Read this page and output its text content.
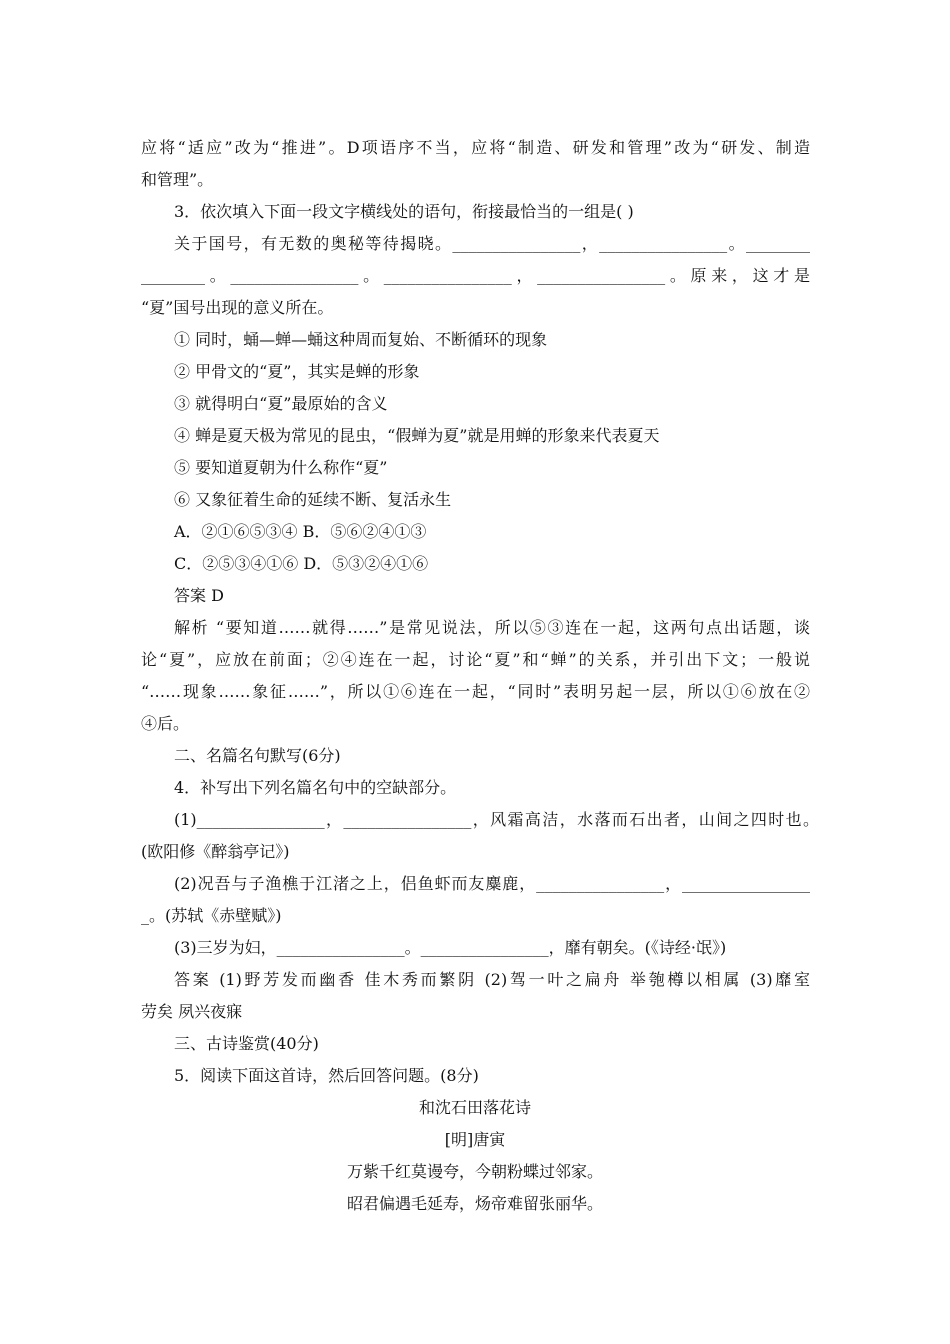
应将“适应”改为“推进”。D项语序不当，应将“制造、研发和管理”改为“研发、制造
和管理”。
3．依次填入下面一段文字横线处的语句，衔接最恰当的一组是( )
关于国号，有无数的奥秘等待揭晓。________________，________________。________
________。________________。________________，________________。原来，这才是
“夏”国号出现的意义所在。
① 同时，蛹—蝉—蛹这种周而复始、不断循环的现象
② 甲骨文的“夏”，其实是蝉的形象
③ 就得明白“夏”最原始的含义
④ 蝉是夏天极为常见的昆虫，“假蝉为夏”就是用蝉的形象来代表夏天
⑤ 要知道夏朝为什么称作“夏”
⑥ 又象征着生命的延续不断、复活永生
A．②①⑥⑤③④ B．⑤⑥②④①③
C．②⑤③④①⑥ D．⑤③②④①⑥
答案 D
解析 “要知道……就得……”是常见说法，所以⑤③连在一起，这两句点出话题，谈
论“夏”，应放在前面；②④连在一起，讨论“夏”和“蝉”的关系，并引出下文；一般说
“……现象……象征……”，所以①⑥连在一起，“同时”表明另起一层，所以①⑥放在②
④后。
二、名篇名句默写(6分)
4．补写出下列名篇名句中的空缺部分。
(1)________________，________________，风霜高洁，水落而石出者，山间之四时也。
(欧阳修《醉翁亭记》)
(2)况吾与子渔樵于江渚之上，侣鱼虾而友麋鹿，________________，________________
_。(苏轼《赤壁赋》)
(3)三岁为妇，________________。________________，靡有朝矣。(《诗经·氓》)
答案 (1)野芳发而幽香 佳木秀而繁阴 (2)驾一叶之扁舟 举匏樽以相属 (3)靡室
劳矣 夙兴夜寐
三、古诗鉴赏(40分)
5．阅读下面这首诗，然后回答问题。(8分)
和沈石田落花诗
[明]唐寅
万紫千红莫谩夸，今朝粉蝶过邻家。
昭君偏遇毛延寿，炀帝难留张丽华。
